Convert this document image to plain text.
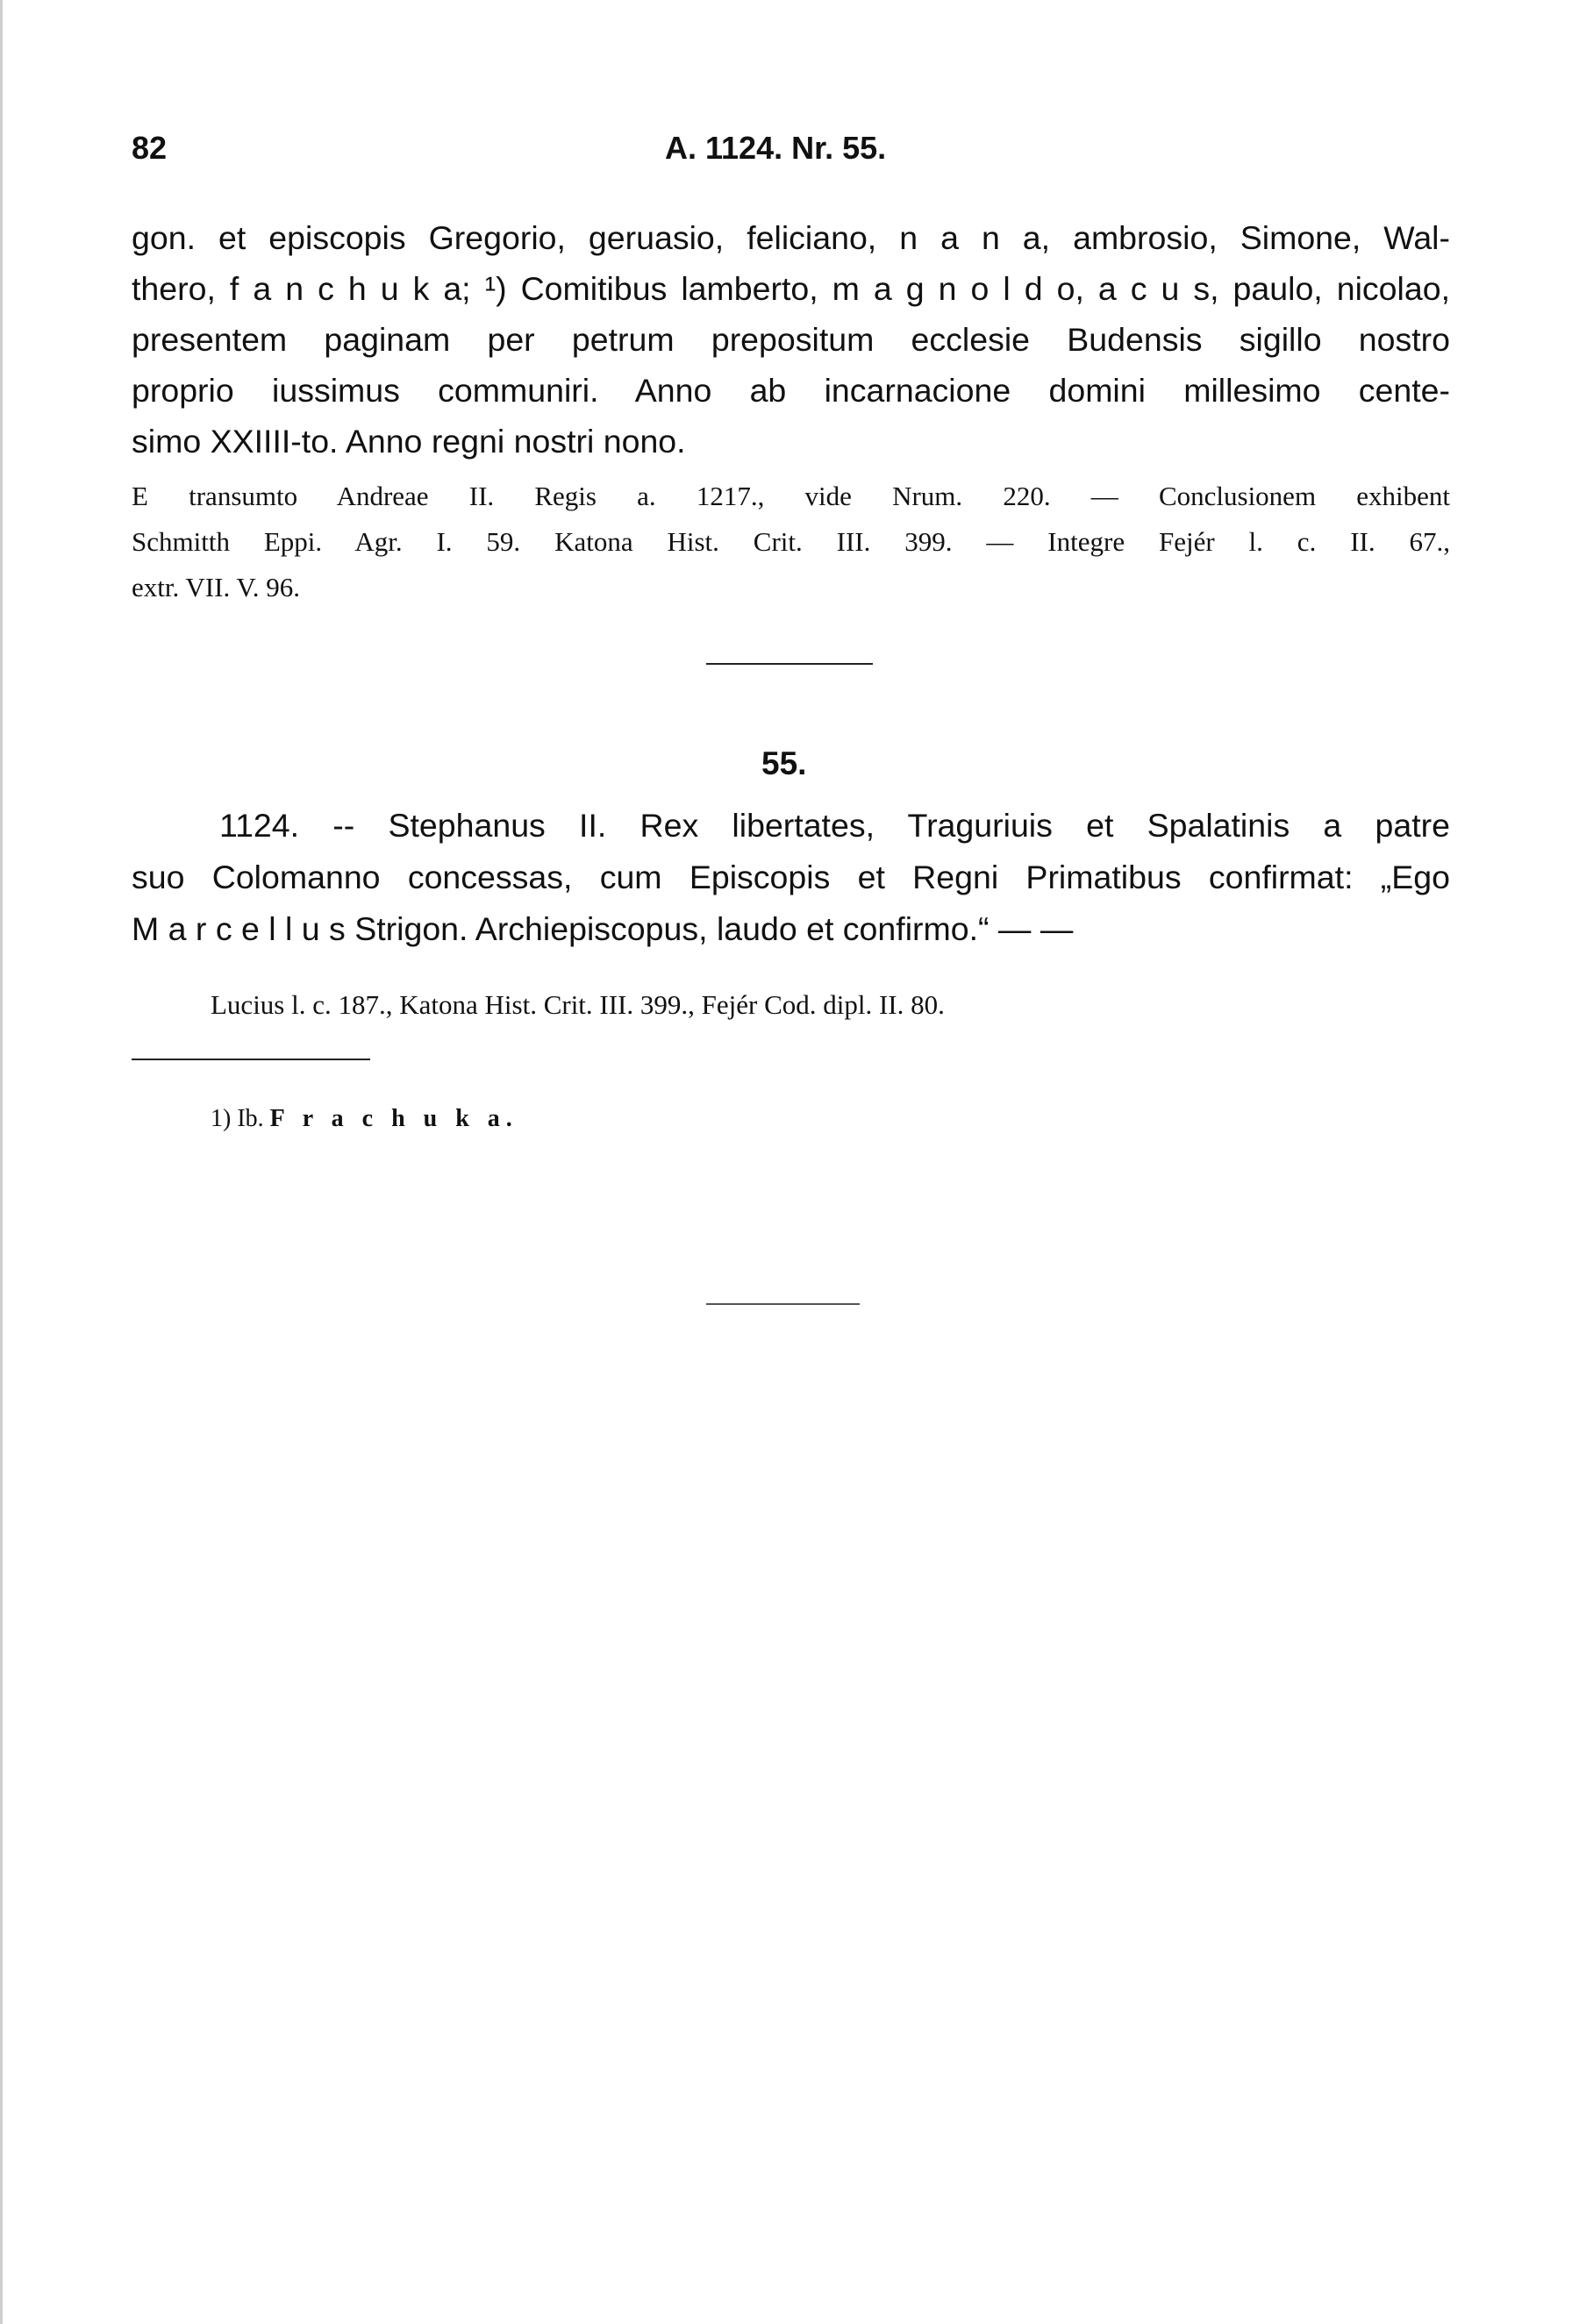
82	A. 1124. Nr. 55.
gon. et episcopis Gregorio, geruasio, feliciano, n a n a, ambrosio, Simone, Wal-
thero, f a n c h u k a; ¹) Comitibus lamberto, m a g n o l d o, a c u s, paulo, nicolao,
presentem paginam per petrum prepositum ecclesie Budensis sigillo nostro
proprio iussimus communiri. Anno ab incarnacione domini millesimo cente-
simo XXIIII-to. Anno regni nostri nono.
E transumto Andreae II. Regis a. 1217., vide Nrum. 220. — Conclusionem exhibent
Schmitth Eppi. Agr. I. 59. Katona Hist. Crit. III. 399. — Integre Fejér l. c. II. 67.,
extr. VII. V. 96.
55.
1124. -- Stephanus II. Rex libertates, Traguriuis et Spalatinis a patre
suo Colomanno concessas, cum Episcopis et Regni Primatibus confirmat: „Ego
M a r c e l l u s Strigon. Archiepiscopus, laudo et confirmo.“ — —
Lucius l. c. 187., Katona Hist. Crit. III. 399., Fejér Cod. dipl. II. 80.
1) Ib. F r a c h u k a.
